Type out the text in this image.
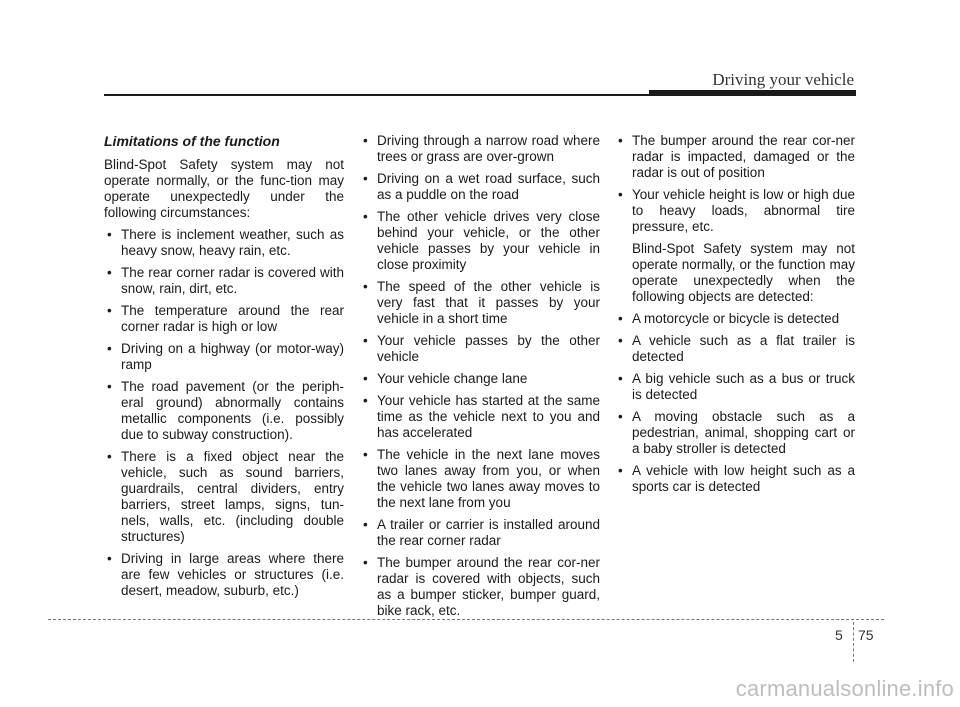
Driving your vehicle
Limitations of the function

Blind-Spot Safety system may not operate normally, or the func-tion may operate unexpectedly under the following circumstances:

• There is inclement weather, such as heavy snow, heavy rain, etc.
• The rear corner radar is covered with snow, rain, dirt, etc.
• The temperature around the rear corner radar is high or low
• Driving on a highway (or motor-way) ramp
• The road pavement (or the periph-eral ground) abnormally contains metallic components (i.e. possibly due to subway construction).
• There is a fixed object near the vehicle, such as sound barriers, guardrails, central dividers, entry barriers, street lamps, signs, tun-nels, walls, etc. (including double structures)
• Driving in large areas where there are few vehicles or structures (i.e. desert, meadow, suburb, etc.)
• Driving through a narrow road where trees or grass are over-grown
• Driving on a wet road surface, such as a puddle on the road
• The other vehicle drives very close behind your vehicle, or the other vehicle passes by your vehicle in close proximity
• The speed of the other vehicle is very fast that it passes by your vehicle in a short time
• Your vehicle passes by the other vehicle
• Your vehicle change lane
• Your vehicle has started at the same time as the vehicle next to you and has accelerated
• The vehicle in the next lane moves two lanes away from you, or when the vehicle two lanes away moves to the next lane from you
• A trailer or carrier is installed around the rear corner radar
• The bumper around the rear cor-ner radar is covered with objects, such as a bumper sticker, bumper guard, bike rack, etc.
• The bumper around the rear cor-ner radar is impacted, damaged or the radar is out of position
• Your vehicle height is low or high due to heavy loads, abnormal tire pressure, etc.

Blind-Spot Safety system may not operate normally, or the function may operate unexpectedly when the following objects are detected:

• A motorcycle or bicycle is detected
• A vehicle such as a flat trailer is detected
• A big vehicle such as a bus or truck is detected
• A moving obstacle such as a pedestrian, animal, shopping cart or a baby stroller is detected
• A vehicle with low height such as a sports car is detected
5 75
carmanualsonline.info
